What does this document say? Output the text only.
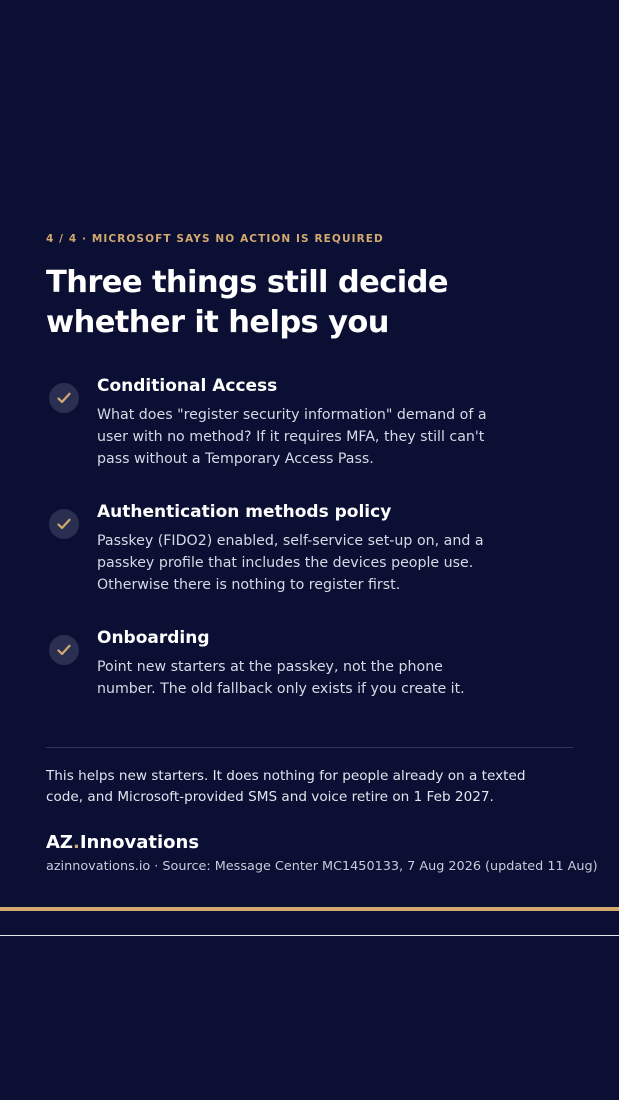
4 / 4 · MICROSOFT SAYS NO ACTION IS REQUIRED
Three things still decide whether it helps you
Conditional Access
What does "register security information" demand of a user with no method? If it requires MFA, they still can't pass without a Temporary Access Pass.
Authentication methods policy
Passkey (FIDO2) enabled, self-service set-up on, and a passkey profile that includes the devices people use. Otherwise there is nothing to register first.
Onboarding
Point new starters at the passkey, not the phone number. The old fallback only exists if you create it.
This helps new starters. It does nothing for people already on a texted code, and Microsoft-provided SMS and voice retire on 1 Feb 2027.
AZ.Innovations
azinnovations.io · Source: Message Center MC1450133, 7 Aug 2026 (updated 11 Aug)
